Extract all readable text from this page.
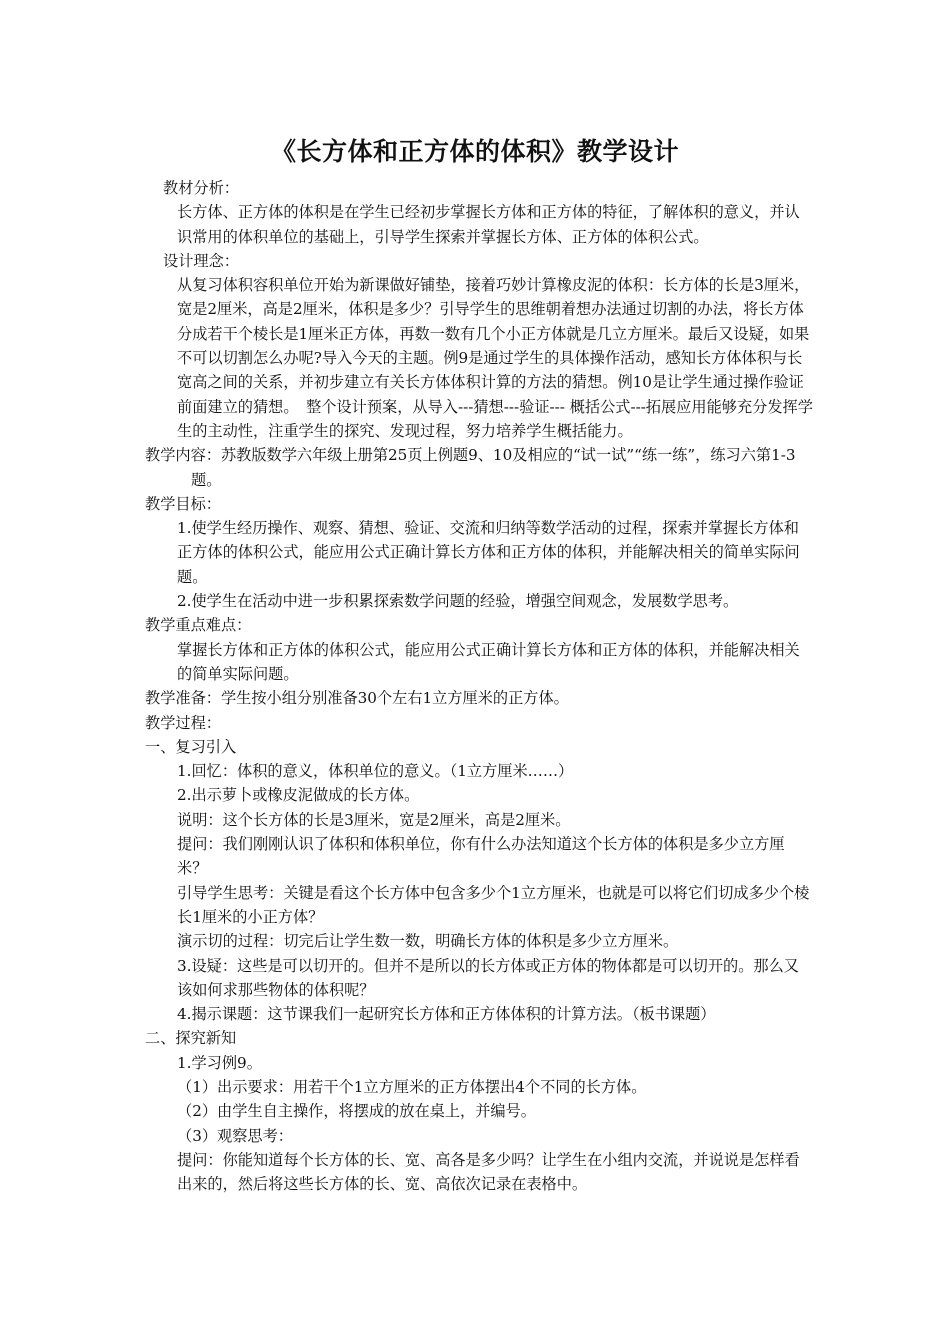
《长方体和正方体的体积》教学设计

教材分析：

长方体、正方体的体积是在学生已经初步掌握长方体和正方体的特征，了解体积的意义，并认识常用的体积单位的基础上，引导学生探索并掌握长方体、正方体的体积公式。

设计理念：

从复习体积容积单位开始为新课做好铺垫，接着巧妙计算橡皮泥的体积：长方体的长是3厘米，宽是2厘米，高是2厘米，体积是多少？引导学生的思维朝着想办法通过切割的办法，将长方体分成若干个棱长是1厘米正方体，再数一数有几个小正方体就是几立方厘米。最后又设疑，如果不可以切割怎么办呢?导入今天的主题。例9是通过学生的具体操作活动，感知长方体体积与长宽高之间的关系，并初步建立有关长方体体积计算的方法的猜想。例10是让学生通过操作验证前面建立的猜想。　整个设计预案，从导入---猜想---验证--- 概括公式---拓展应用能够充分发挥学生的主动性，注重学生的探究、发现过程，努力培养学生概括能力。

教学内容：苏教版数学六年级上册第25页上例题9、10及相应的“试一试”“练一练”，练习六第1-3题。

教学目标：

1.使学生经历操作、观察、猜想、验证、交流和归纳等数学活动的过程，探索并掌握长方体和正方体的体积公式，能应用公式正确计算长方体和正方体的体积，并能解决相关的简单实际问题。

2.使学生在活动中进一步积累探索数学问题的经验，增强空间观念，发展数学思考。

教学重点难点：

掌握长方体和正方体的体积公式，能应用公式正确计算长方体和正方体的体积，并能解决相关的简单实际问题。

教学准备：学生按小组分别准备30个左右1立方厘米的正方体。

教学过程：

一、复习引入

1.回忆：体积的意义，体积单位的意义。（1立方厘米……）

2.出示萝卜或橡皮泥做成的长方体。

说明：这个长方体的长是3厘米，宽是2厘米，高是2厘米。

提问：我们刚刚认识了体积和体积单位，你有什么办法知道这个长方体的体积是多少立方厘米？

引导学生思考：关键是看这个长方体中包含多少个1立方厘米，也就是可以将它们切成多少个棱长1厘米的小正方体？

演示切的过程：切完后让学生数一数，明确长方体的体积是多少立方厘米。

3.设疑：这些是可以切开的。但并不是所以的长方体或正方体的物体都是可以切开的。那么又该如何求那些物体的体积呢？

4.揭示课题：这节课我们一起研究长方体和正方体体积的计算方法。（板书课题）

二、探究新知

1.学习例9。

（1）出示要求：用若干个1立方厘米的正方体摆出4个不同的长方体。

（2）由学生自主操作，将摆成的放在桌上，并编号。

（3）观察思考：

提问：你能知道每个长方体的长、宽、高各是多少吗？让学生在小组内交流，并说说是怎样看出来的，然后将这些长方体的长、宽、高依次记录在表格中。
